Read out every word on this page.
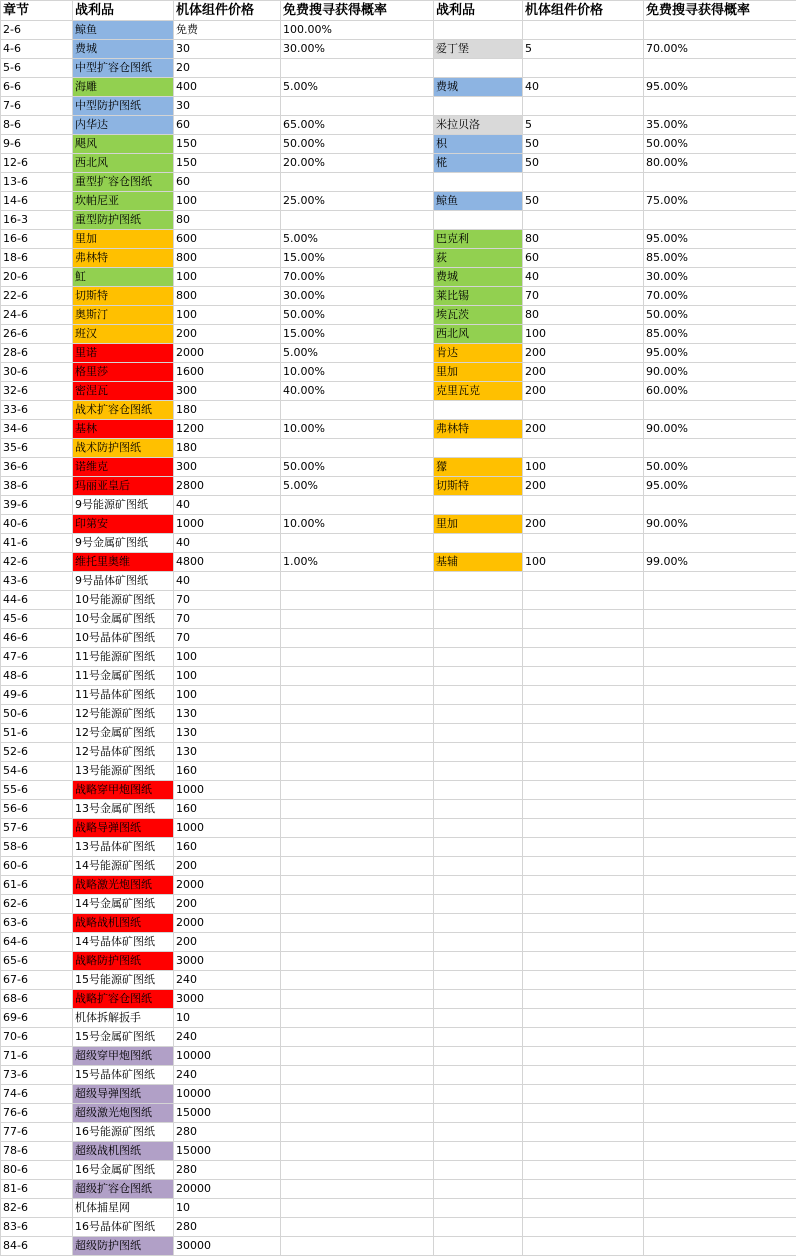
章节	战利品	机体组件价格	免费搜寻获得概率	战利品	机体组件价格	免费搜寻获得概率
2-6	鲸鱼	免费	100.00%			
4-6	费城	30	30.00%	爱丁堡	5	70.00%
5-6	中型扩容仓图纸	20				
6-6	海雕	400	5.00%	费城	40	95.00%
7-6	中型防护图纸	30				
8-6	内华达	60	65.00%	米拉贝洛	5	35.00%
9-6	飓风	150	50.00%	枳	50	50.00%
12-6	西北风	150	20.00%	椛	50	80.00%
13-6	重型扩容仓图纸	60				
14-6	坎帕尼亚	100	25.00%	鲸鱼	50	75.00%
16-3	重型防护图纸	80				
16-6	里加	600	5.00%	巴克利	80	95.00%
18-6	弗林特	800	15.00%	荻	60	85.00%
20-6	魟	100	70.00%	费城	40	30.00%
22-6	切斯特	800	30.00%	莱比锡	70	70.00%
24-6	奥斯汀	100	50.00%	埃瓦茨	80	50.00%
26-6	班汉	200	15.00%	西北风	100	85.00%
28-6	里诺	2000	5.00%	肯达	200	95.00%
30-6	格里莎	1600	10.00%	里加	200	90.00%
32-6	密涅瓦	300	40.00%	克里瓦克	200	60.00%
33-6	战术扩容仓图纸	180				
34-6	基林	1200	10.00%	弗林特	200	90.00%
35-6	战术防护图纸	180				
36-6	诺维克	300	50.00%	獴	100	50.00%
38-6	玛丽亚皇后	2800	5.00%	切斯特	200	95.00%
39-6	9号能源矿图纸	40				
40-6	印第安	1000	10.00%	里加	200	90.00%
41-6	9号金属矿图纸	40				
42-6	维托里奥维	4800	1.00%	基辅	100	99.00%
43-6	9号晶体矿图纸	40				
44-6	10号能源矿图纸	70				
45-6	10号金属矿图纸	70				
46-6	10号晶体矿图纸	70				
47-6	11号能源矿图纸	100				
48-6	11号金属矿图纸	100				
49-6	11号晶体矿图纸	100				
50-6	12号能源矿图纸	130				
51-6	12号金属矿图纸	130				
52-6	12号晶体矿图纸	130				
54-6	13号能源矿图纸	160				
55-6	战略穿甲炮图纸	1000				
56-6	13号金属矿图纸	160				
57-6	战略导弹图纸	1000				
58-6	13号晶体矿图纸	160				
60-6	14号能源矿图纸	200				
61-6	战略激光炮图纸	2000				
62-6	14号金属矿图纸	200				
63-6	战略战机图纸	2000				
64-6	14号晶体矿图纸	200				
65-6	战略防护图纸	3000				
67-6	15号能源矿图纸	240				
68-6	战略扩容仓图纸	3000				
69-6	机体拆解扳手	10				
70-6	15号金属矿图纸	240				
71-6	超级穿甲炮图纸	10000				
73-6	15号晶体矿图纸	240				
74-6	超级导弹图纸	10000				
76-6	超级激光炮图纸	15000				
77-6	16号能源矿图纸	280				
78-6	超级战机图纸	15000				
80-6	16号金属矿图纸	280				
81-6	超级扩容仓图纸	20000				
82-6	机体捕星网	10				
83-6	16号晶体矿图纸	280				
84-6	超级防护图纸	30000				
